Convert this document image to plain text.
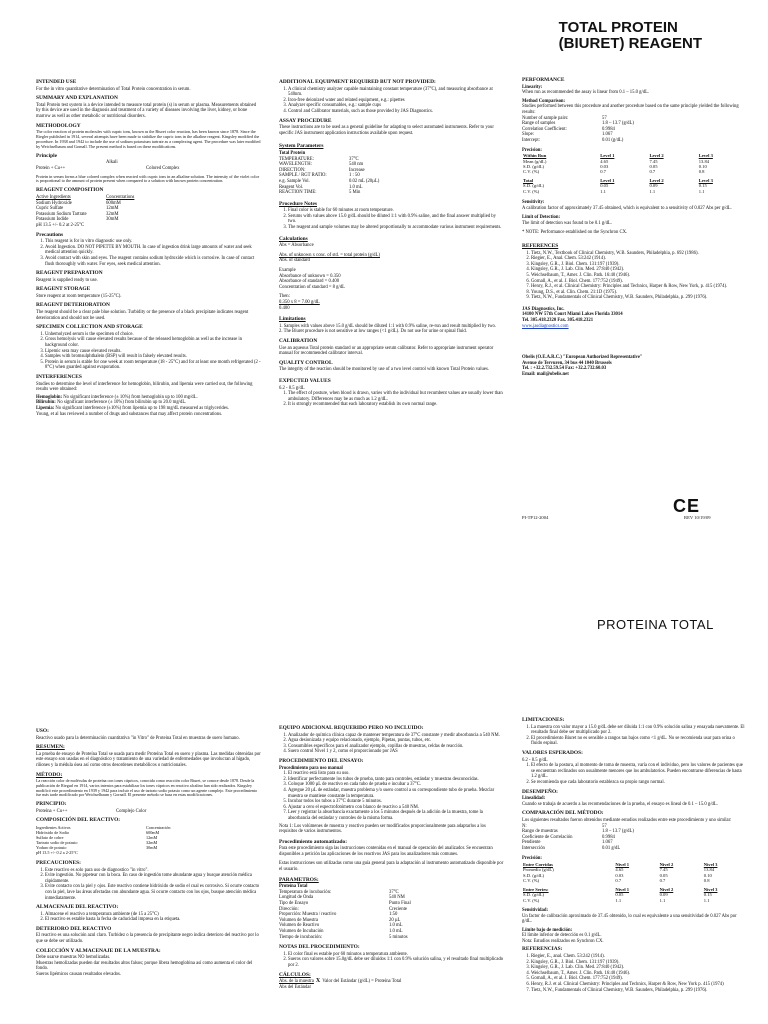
TOTAL PROTEIN
(BIURET) REAGENT
INTENDED USE
For the in vitro quantitative determination of Total Protein concentration in serum.
SUMMARY AND EXPLANATION
Total Protein test system is a device intended to measure total protein (s) in serum or plasma. Measurements obtained by this device are used in the diagnosis and treatment of a variety of diseases involving the liver, kidney, or bone marrow as well as other metabolic or nutritional disorders.
METHODOLOGY
The color reaction of protein molecules with cupric ions, known as the Biuret color reaction, has been known since 1878. Since the Riegler published in 1914, several attempts have been made to stabilize the cupric ions in the alkaline reagent. Kingsley modified the procedure. In 1938 and 1942 to include the use of sodium potassium tartrate as a complexing agent. The procedure was later modified by Weichselbaum and Gornall. The present method is based on these modifications.
Principle
Alkali
Protein + Cu++	Colored Complex
Protein in serum forms a blue colored complex when reacted with cupric ions in an alkaline solution. The intensity of the violet color is proportional to the amount of protein present when compared to a solution with known protein concentration.
REAGENT COMPOSITION
Active Ingredients	Concentrations
Sodium Hydroxide	600mM
Cupric Sulfate	12mM
Potassium Sodium Tartrate	32mM
Potassium Iodide	30mM
pH 13.5 +/- 0.2 at 2-25°C
Precautions
1. This reagent is for in vitro diagnostic use only.
2. Avoid Ingestion. DO NOT PIPETTE BY MOUTH. In case of ingestion drink large amounts of water and seek medical attention quickly.
3. Avoid contact with skin and eyes. The reagent contains sodium hydroxide which is corrosive. In case of contact flush thoroughly with water. For eyes, seek medical attention.
REAGENT PREPARATION
Reagent is supplied ready to use.
REAGENT STORAGE
Store reagent at room temperature (15-25°C).
REAGENT DETERIORATION
The reagent should be a clear pale blue solution. Turbidity or the presence of a black precipitate indicates reagent deterioration and should not be used.
SPECIMEN COLLECTION AND STORAGE
1. Unhemolyzed serum is the specimen of choice.
2. Gross hemolysis will cause elevated results because of the released hemoglobin as well as the increase in background color.
3. Lipemic sera may cause elevated results.
4. Samples with bromsulphthalein (BSP) will result in falsely elevated results.
5. Protein in serum is stable for one week at room temperature (18 - 25°C) and for at least one month refrigerated (2 - 8°C) when guarded against evaporation.
INTERFERENCES
Studies to determine the level of interference for hemoglobin, bilirubin, and lipemia were carried out, the following results were obtained:
Hemoglobin: No significant interference (± 10%) from hemoglobin up to 100 mg/dL.
Bilirubin: No significant interference (± 10%) from bilirubin up to 20.0 mg/dL.
Lipemia: No significant interference (±10%) from lipemia up to 198 mg/dL measured as triglycerides.
Young, et al has reviewed a number of drugs and substances that may affect protein concentrations.
ADDITIONAL EQUIPMENT REQUIRED BUT NOT PROVIDED:
1. A clinical chemistry analyzer capable maintaining constant temperature (37°C), and measuring absorbance at 540nm.
2. Iron-free deionized water and related equipment, e.g.: pipettes
3. Analyzer specific consumables, e.g.: sample cups
4. Control and Calibrator materials, such as those provided by JAS Diagnostics.
ASSAY PROCEDURE
These instructions are to be used as a general guideline for adapting to select automated instruments. Refer to your specific JAS instrument application instructions available upon request.
System Parameters
Total Protein
TEMPERATURE:	37°C
WAVELENGTH:	540 nm
DIRECTION:	Increase
SAMPLE / RGT RATIO:	1 : 50
e.g. Sample Vol.	0.02 mL (20µL)
Reagent Vol.	1.0 mL
REACTION TIME:	5 Min
Procedure Notes
1. Final color is stable for 60 minutes at room temperature.
2. Serums with values above 15.0 g/dL should be diluted 1:1 with 0.9% saline, and the final answer multiplied by two.
3. The reagent and sample volumes may be altered proportionally to accommodate various instrument requirements.
Calculations
Abs = Absorbance
Abs. of unknown x conc. of std. = total protein (g/dL)
Abs. of standard
Example
Absorbance of unknown = 0.350
Absorbance of standard = 0.400
Concentration of standard = 8 g/dL
Then:
0.350 x 8 = 7.00 g/dL
0.400
Limitations
1. Samples with values above 15.0 g/dL should be diluted 1:1 with 0.9% saline, re-run and result multiplied by two.
2. The Biuret procedure is not sensitive at low ranges (<1 g/dL). Do not use for urine or spinal fluid.
CALIBRATION
Use an aqueous Total protein standard or an appropriate serum calibrator. Refer to appropriate instrument operator manual for recommended calibrator interval.
QUALITY CONTROL
The integrity of the reaction should be monitored by use of a two level control with known Total Protein values.
EXPECTED VALUES
6.2 - 8.5 g/dL
1. The effect of posture, when blood is drawn, varies with the individual but recumbent values are usually lower than ambulatory. Differences may be as much as 1.2 g/dL.
2. It is strongly recommended that each laboratory establish its own normal range.
PERFORMANCE
Linearity:
When run as recommended the assay is linear from 0.1 – 15.0 g/dL.
Method Comparison:
Studies performed between this procedure and another procedure based on the same principle yielded the following results:
Number of sample pairs:	57
Range of samples	1.8 – 13.7 (g/dL)
Correlation Coefficient:	0.9984
Slope:	1.067
Intercept:	0.01 (g/dL)
Precision:
Within Run	Level 1	Level 2	Level 3
Mean (g/dL)	4.65	7.45	13.84
S.D. (g/dL)	0.03	0.05	0.10
C.V. (%)	0.7	0.7	0.8
Total	Level 1	Level 2	Level 3
S.D. (g/dL)	0.05	0.09	0.15
C.V. (%)	1.1	1.1	1.1
Sensitivity:
A calibration factor of approximately 37.45 obtained, which is equivalent to a sensitivity of 0.027 Abs per g/dL.
Limit of Detection:
The limit of detection was found to be 0.1 g/dL.
* NOTE: Performance established on the Synchron CX.
REFERENCES
1. Tietz, N.W., Textbook of Clinical Chemistry, W.B. Saunders, Philadelphia, p. 692 (1986).
2. Riegier, E., Anal. Chem. 53:242 (1914).
3. Kingsley, G.R., J. Biol. Chem. 131:197 (1939).
4. Kingsley, G.R., J. Lab. Clin. Med. 27:840 (1942).
5. Weichselbaum, T., Amer. J. Clin. Path. 16:40 (1946).
6. Gornall, A., et al. J. Biol. Chem. 177:752 (1949).
7. Henry, R.J., et al. Clinical Chemistry: Principles and Technics, Harper & Row, New York, p. 415 (1974).
8. Young, D.S., et al. Clin. Chem. 21:1D (1975).
9. Tietz, N.W., Fundamentals of Clinical Chemistry, W.B. Saunders, Philadelphia, p. 299 (1976).
JAS Diagnostics, Inc.
14100 NW 57th Court Miami Lakes Florida 33014
Tel. 305.418.2320 Fax. 305.418.2321
www.jasdiagnostics.com
Obelis (O.E.A.R.C.) "European Authorized Representative"
Avenue de Tervuren, 34 bus 44 1040 Brussels
Tel. : +32.2.732.59.54 Fax: +32.2.732.60.03
Email: mail@obelis.net
CE
PI-TP12-2004	REV 10/19/09
PROTEINA TOTAL
USO:
Reactivo usado para la determinación cuantitativa "in Vitro" de Proteina Total en muestras de suero humano.
RESUMEN:
La prueba de ensayo de Proteína Total se usada para medir Proteína Total en suero y plasma. Las medidas obtenidas por este ensayo son usadas en el diagnóstico y tratamiento de una variedad de enfermedades que involucran al hígado, riñones y la médula ósea así como otros desordenes metabólicos o nutricionales.
MÉTODO:
La reacción color de moléculas de proteína con iones cúpricos, conocida como reacción color Biuret, se conoce desde 1878. Desde la publicación de Riegurl en 1914, varios intentos para estabilizar los iones cúpricos en reactivo alcalino han sido realizados. Kingsley modificó este procedimiento en 1939 y 1942 para incluir el uso de tartrato sodio potasio como un agente complejo. Este procedimiento fue más tarde modificado por Weichselbaum y Gornall. El presente método se basa en estas modificaciones.
PRINCIPIO:
Proteína + Cu++	Complejo Color
COMPOSICIÓN DEL REACTIVO:
Ingredientes Activos	Concentración
Hidróxido de Sodio	600mM
Sulfato de cobre	12mM
Tartrato sodio de potasio	32mM
Yoduro de potasio	30mM
pH 13.5 +/- 0.2 a 2-25°C
PRECAUCIONES:
1. Este reactivo es solo para uso de diagnostico "in vitro".
2. Evite ingestión. No pipetear con la boca. En caso de ingestión tome abundante agua y busque atención médica rápidamente.
3. Evite contacto con la piel y ojos. Este reactivo contiene hidróxido de sodio el cual es corrosivo. Si ocurre contacto con la piel, lave las áreas afectadas con abundante agua. Si ocurre contacto con los ojos, busque atención médica inmediatamente.
ALMACENAJE DEL REACTIVO:
1. Almacene el reactivo a temperatura ambiente (de 15 a 25°C)
2. El reactivo es estable hasta la fecha de caducidad impresa en la etiqueta.
DETERIORO DEL REACTIVO
El reactivo es una solución azul claro. Turbidez o la presencia de precipitante negro indica deterioro del reactivo por lo que se debe ser utilizado.
COLECCIÓN Y ALMACENAJE DE LA MUESTRA:
Debe usarse muestras NO hemolizadas.
Muestras hemolizadas pueden dar resultados altos falsos; porque libera hemoglobina así como aumenta el color del fondo.
Sueros lipémicos causan resultados elevados.
EQUIPO ADICIONAL REQUERIDO PERO NO INCLUIDO:
1. Analizador de química clínica capaz de mantener temperatura de 37°C constante y medir absorbancia a 540 NM.
2. Agua desionizada y equipo relacionado, ejemplo, Pipetas, puntas, tubos, etc.
3. Consumibles específicos para el analizador ejemplo, copillas de muestras, celdas de reacción.
4. Suero control Nivel 1 y 2, como el proporcionado por JAS
PROCEDIMIENTO DEL ENSAYO:
Procedimiento para uso manual
1. El reactivo está listo para su uso.
2. Identificar perfectamente los tubos de prueba, tanto para controles, estándar y muestras desconocidas.
3. Coloque 1000 µL de reactivo en cada tubo de prueba e incubar a 37°C.
4. Agregue 20 µL de estándar, muestra problema y/o suero control a su correspondiente tubo de prueba. Mezclar muestra se mantiene constante la temperatura.
5. Incubar todos los tubos a 37°C durante 5 minutos.
6. Ajustar a cero el espectrofotómetro con blanco de reactivo a 540 NM.
7. Leer y registrar la absorbancia exactamente a los 5 minutos después de la adición de la muestra, tome la absorbancia del estándar y controles de la misma forma.
Nota 1: Los volúmenes de muestra y reactivo pueden ser modificados proporcionalmente para adaptarlos a los requisitos de varios instrumentos.
Procedimiento automatizado:
Para este procedimiento siga las instrucciones contenidas en el manual de operación del analizador. Se encuentran disponibles a petición las aplicaciones de los reactivos JAS para los analizadores más comunes.
Estas instrucciones son utilizadas como una guía general para la adaptación al instrumento automatizado disponible por el usuario.
PARAMETROS:
Proteína Total
Temperatura de incubación:	37°C
Longitud de Onda	540 NM
Tipo de Ensayo	Punto Final
Dirección:	Creciente
Proporción: Muestra / reactivo	1:50
Volumen de Muestra	20 µL
Volumen de Reactivo	1.0 mL
Volumen de Incubación	1.0 mL
Tiempo de incubación:	5 minutos
NOTAS DEL PROCEDIMIENTO:
1. El color final es estable por 60 minutos a temperatura ambiente.
2. Sueros con valores sobre 15.0g/dL debe ser diluidos 1:1 con 0.9% solución salina, y el resultado final multiplicado por 2.
CÁLCULOS:
Abs. de la muestra X Valor del Estándar (g/dL) = Proteína Total
Abs del Estándar
LIMITACIONES:
1. La muestra con valor mayor a 15.0 g/dL debe ser diluida 1:1 con 0.9% solución salina y ensayada nuevamente. El resultado final debe ser multiplicado por 2.
2. El procedimiento Biuret no es sensible a rangos tan bajos como <1 g/dL. No se recomienda usar para orina o fluido espinal.
VALORES ESPERADOS:
6.2 - 8.5 g/dL
1. El efecto de la postura, al momento de toma de muestra, varía con el individuo, pero los valores de pacientes que se encuentran reclinados son usualmente menores que los ambulatorios. Pueden encontrarse diferencias de hasta 1.2 g/dL.
2. Se recomienda que cada laboratorio establezca su propio rango normal.
DESEMPEÑO:
Linealidad:
Cuando se trabaja de acuerdo a las recomendaciones de la prueba, el ensayo es lineal de 0.1 – 15.0 g/dL.
COMPARACIÓN DEL MÉTODO:
Los siguientes resultados fueron obtenidos mediante estudios realizados entre este procedimiento y uno similar:
N:	57
Rango de muestras	1.8 – 13.7 (g/dL)
Coeficiente de Correlación	0.9984
Pendiente	1.067
Intersección	0.01 g/dL
Precisión:
Entre Corridas	Nivel 1	Nivel 2	Nivel 3
Promedio (g/dL)	4.65	7.45	13.84
S.D. (g/dL)	0.03	0.05	0.10
C.V. (%)	0.7	0.7	0.8
Entre Series:	Nivel 1	Nivel 2	Nivel 3
S.D. (g/dL)	0.05	0.09	0.15
C.V. (%)	1.1	1.1	1.1
Sensitividad:
Un factor de calibración aproximado de 37.45 obtenido, lo cual es equivalente a una sensitividad de 0.027 Abs por g/dL.
Límite bajo de medición:
El límite inferior de detección es 0.1 g/dL.
Nota: Estudios realizados en Synchron CX.
REFERENCIAS:
1. Riegier, E., anal. Chem. 53:242 (1914).
2. Kingsley, G.R., J. Biol. Chem. 131:197 (1939).
3. Kingsley, G.R., J. Lab. Clin. Med. 27:840 (1942).
4. Weichselbaum, T., Amer. J. Clin. Path. 16:40 (1946).
5. Gornall, A., et al. J. Biol. Chem. 177:752 (1949).
6. Henry, R.J. et al. Clinical Chemistry: Principles and Technics, Harper & Row, New York p. 415 (1974)
7. Tietz, N.W., Fundamentals of Clinical Chemistry, W.B. Saunders, Philadelphia, p. 299 (1976).
